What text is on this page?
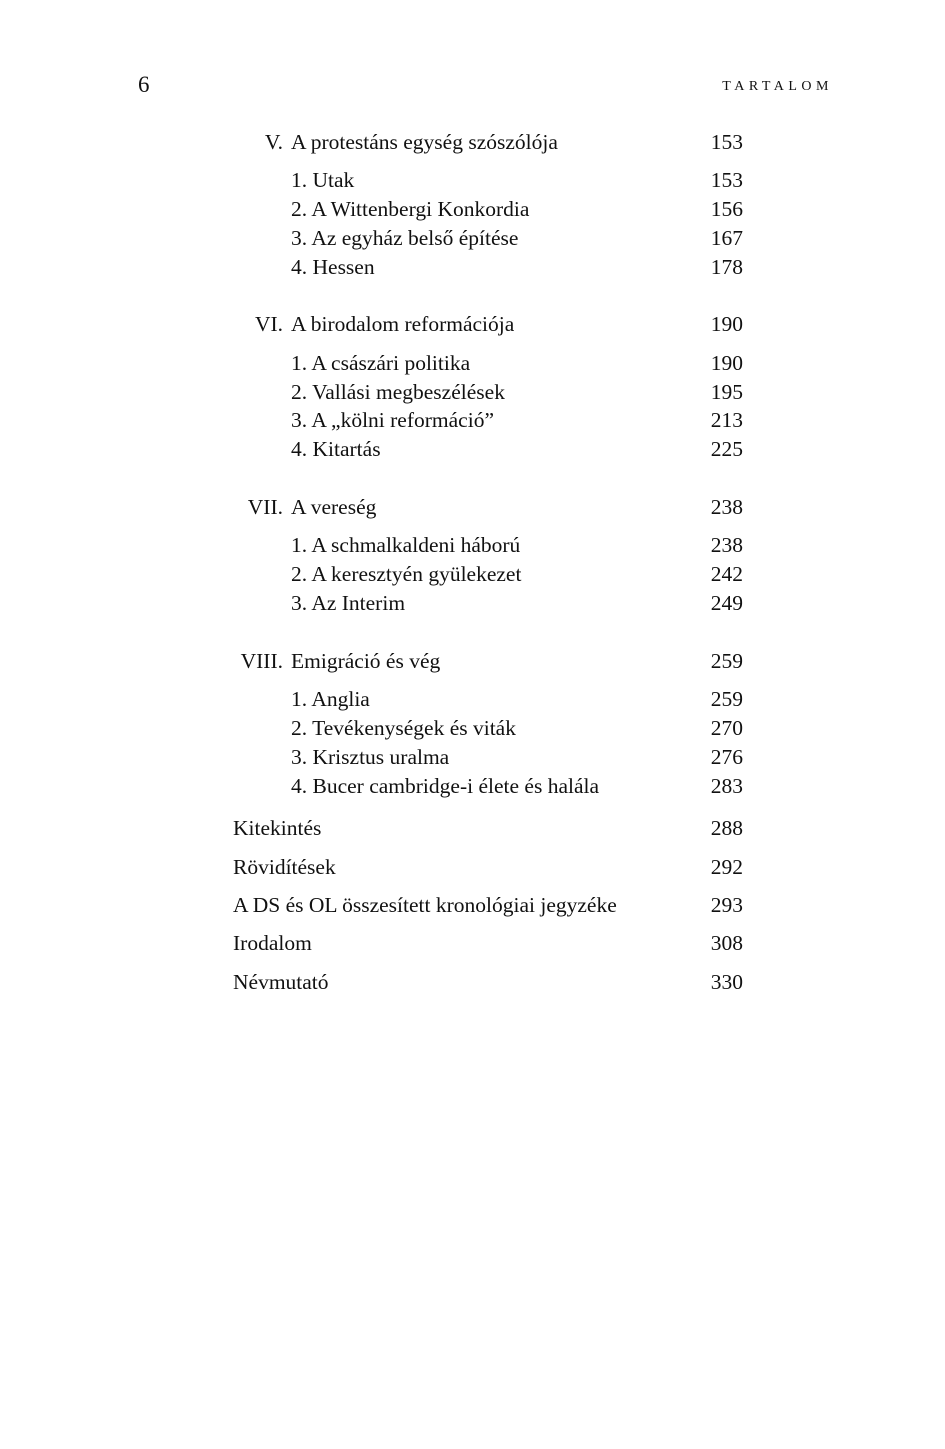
6	TARTALOM
V. A protestáns egység szószólója	153
1. Utak	153
2. A Wittenbergi Konkordia	156
3. Az egyház belső építése	167
4. Hessen	178
VI. A birodalom reformációja	190
1. A császári politika	190
2. Vallási megbeszélések	195
3. A „kölni reformáció”	213
4. Kitartás	225
VII. A vereség	238
1. A schmalkaldeni háború	238
2. A keresztyén gyülekezet	242
3. Az Interim	249
VIII. Emigráció és vég	259
1. Anglia	259
2. Tevékenységek és viták	270
3. Krisztus uralma	276
4. Bucer cambridge-i élete és halála	283
Kitekintés	288
Rövidítések	292
A DS és OL összesített kronológiai jegyzéke	293
Irodalom	308
Névmutató	330
